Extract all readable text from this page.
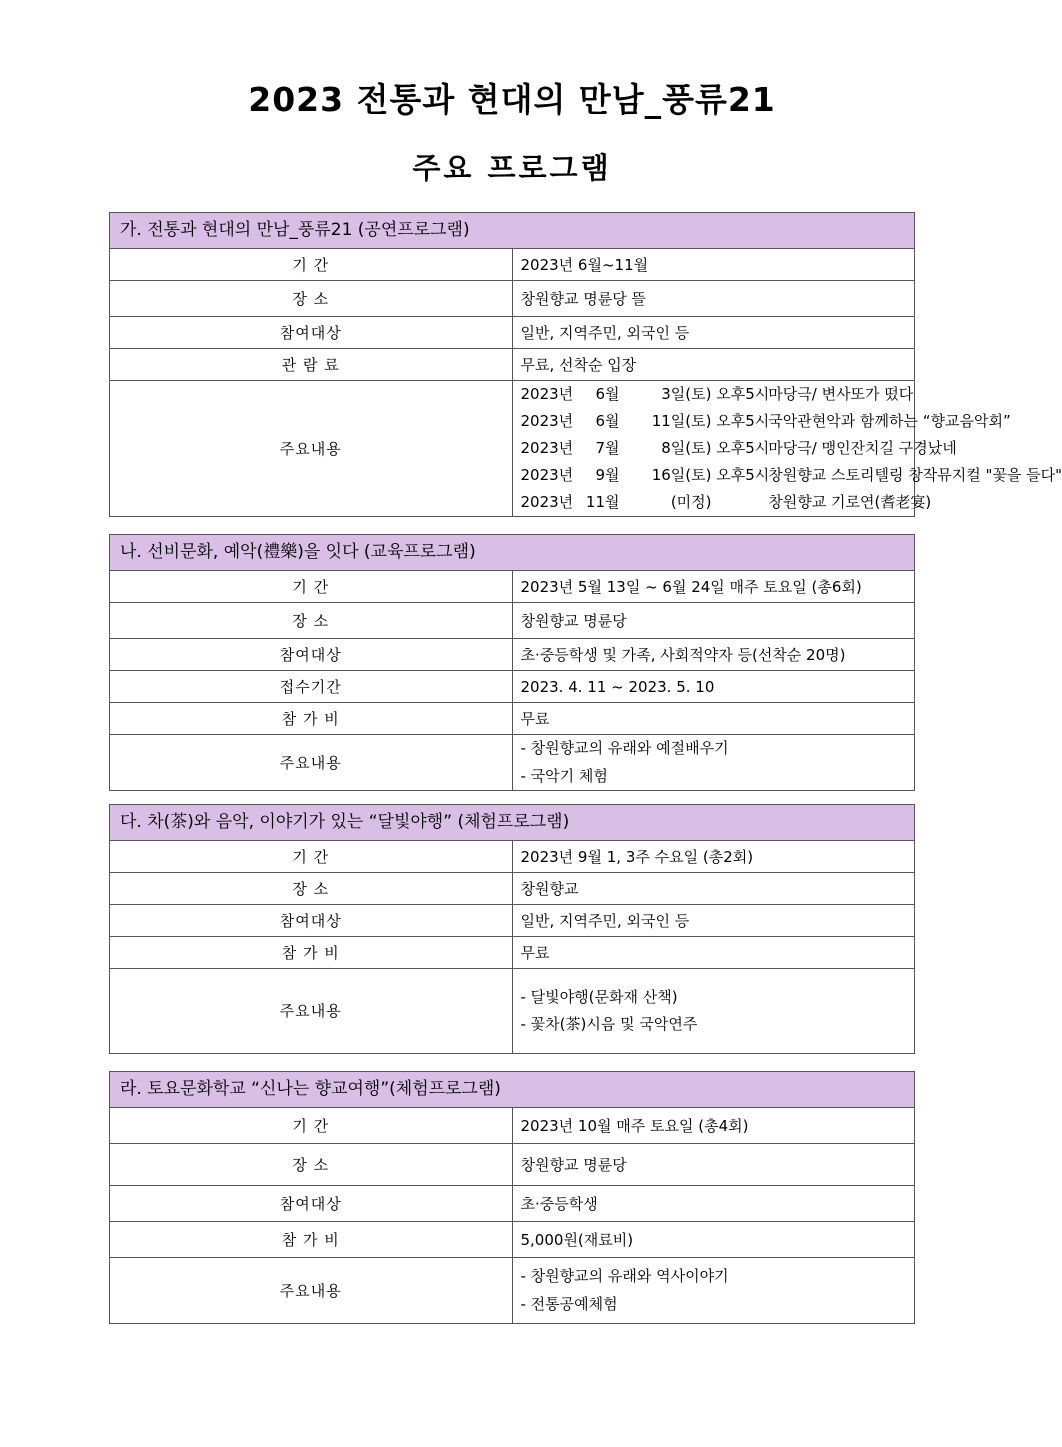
2023 전통과 현대의 만남_풍류21
주요 프로그램
가. 전통과 현대의 만남_풍류21 (공연프로그램)	
기 간	2023년 6월~11월
장 소	창원향교 명륜당 뜰
참여대상	일반, 지역주민, 외국인 등
관 람 료	무료, 선착순 입장
주요내용	2023년 6월 3일(토) 오후5시마당극/ 변사또가 떴다
2023년 6월 11일(토) 오후5시국악관현악과 함께하는 “향교음악회”
2023년 7월 8일(토) 오후5시마당극/ 맹인잔치길 구경났네
2023년 9월 16일(토) 오후5시창원향교 스토리텔링 창작뮤지컬 "꽃을 들다"
2023년 11월 (미정) 창원향교 기로연(耆老宴)
나. 선비문화, 예악(禮樂)을 잇다 (교육프로그램)	
기 간	2023년 5월 13일 ~ 6월 24일 매주 토요일 (총6회)
장 소	창원향교 명륜당
참여대상	초·중등학생 및 가족, 사회적약자 등(선착순 20명)
접수기간	2023. 4. 11 ~ 2023. 5. 10
참 가 비	무료
주요내용	- 창원향교의 유래와 예절배우기
- 국악기 체험
다. 차(茶)와 음악, 이야기가 있는 “달빛야행” (체험프로그램)	
기 간	2023년 9월 1, 3주 수요일 (총2회)
장 소	창원향교
참여대상	일반, 지역주민, 외국인 등
참 가 비	무료
주요내용	- 달빛야행(문화재 산책)
- 꽃차(茶)시음 및 국악연주
라. 토요문화학교 “신나는 향교여행”(체험프로그램)	
기 간	2023년 10월 매주 토요일 (총4회)
장 소	창원향교 명륜당
참여대상	초·중등학생
참 가 비	5,000원(재료비)
주요내용	- 창원향교의 유래와 역사이야기
- 전통공예체험
